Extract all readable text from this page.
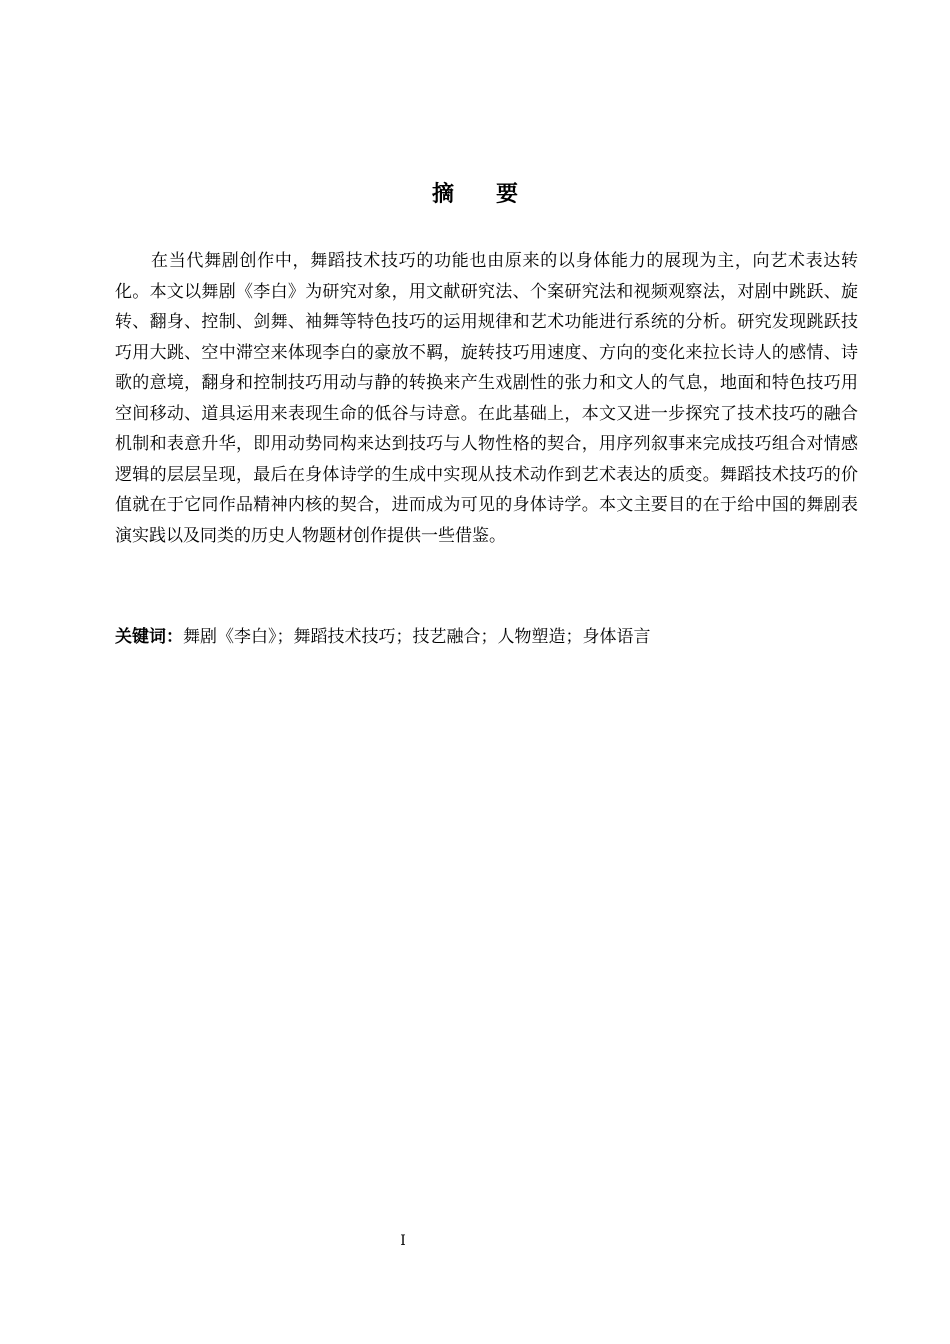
摘 要

在当代舞剧创作中，舞蹈技术技巧的功能也由原来的以身体能力的展现为主，向艺术表达转化。本文以舞剧《李白》为研究对象，用文献研究法、个案研究法和视频观察法，对剧中跳跃、旋转、翻身、控制、剑舞、袖舞等特色技巧的运用规律和艺术功能进行系统的分析。研究发现跳跃技巧用大跳、空中滞空来体现李白的豪放不羁，旋转技巧用速度、方向的变化来拉长诗人的感情、诗歌的意境，翻身和控制技巧用动与静的转换来产生戏剧性的张力和文人的气息，地面和特色技巧用空间移动、道具运用来表现生命的低谷与诗意。在此基础上，本文又进一步探究了技术技巧的融合机制和表意升华，即用动势同构来达到技巧与人物性格的契合，用序列叙事来完成技巧组合对情感逻辑的层层呈现，最后在身体诗学的生成中实现从技术动作到艺术表达的质变。舞蹈技术技巧的价值就在于它同作品精神内核的契合，进而成为可见的身体诗学。本文主要目的在于给中国的舞剧表演实践以及同类的历史人物题材创作提供一些借鉴。

关键词：舞剧《李白》；舞蹈技术技巧；技艺融合；人物塑造；身体语言

I
